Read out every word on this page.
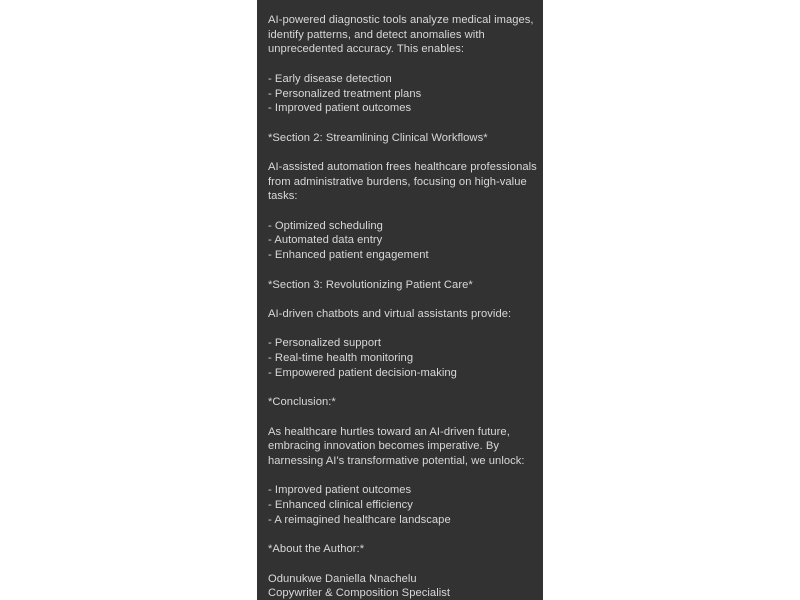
AI-powered diagnostic tools analyze medical images, identify patterns, and detect anomalies with unprecedented accuracy. This enables:

- Early disease detection
- Personalized treatment plans
- Improved patient outcomes

*Section 2: Streamlining Clinical Workflows*

AI-assisted automation frees healthcare professionals from administrative burdens, focusing on high-value tasks:

- Optimized scheduling
- Automated data entry
- Enhanced patient engagement

*Section 3: Revolutionizing Patient Care*

AI-driven chatbots and virtual assistants provide:

- Personalized support
- Real-time health monitoring
- Empowered patient decision-making

*Conclusion:*

As healthcare hurtles toward an AI-driven future, embracing innovation becomes imperative. By harnessing AI's transformative potential, we unlock:

- Improved patient outcomes
- Enhanced clinical efficiency
- A reimagined healthcare landscape

*About the Author:*

Odunukwe Daniella Nnachelu

Copywriter & Composition Specialist
